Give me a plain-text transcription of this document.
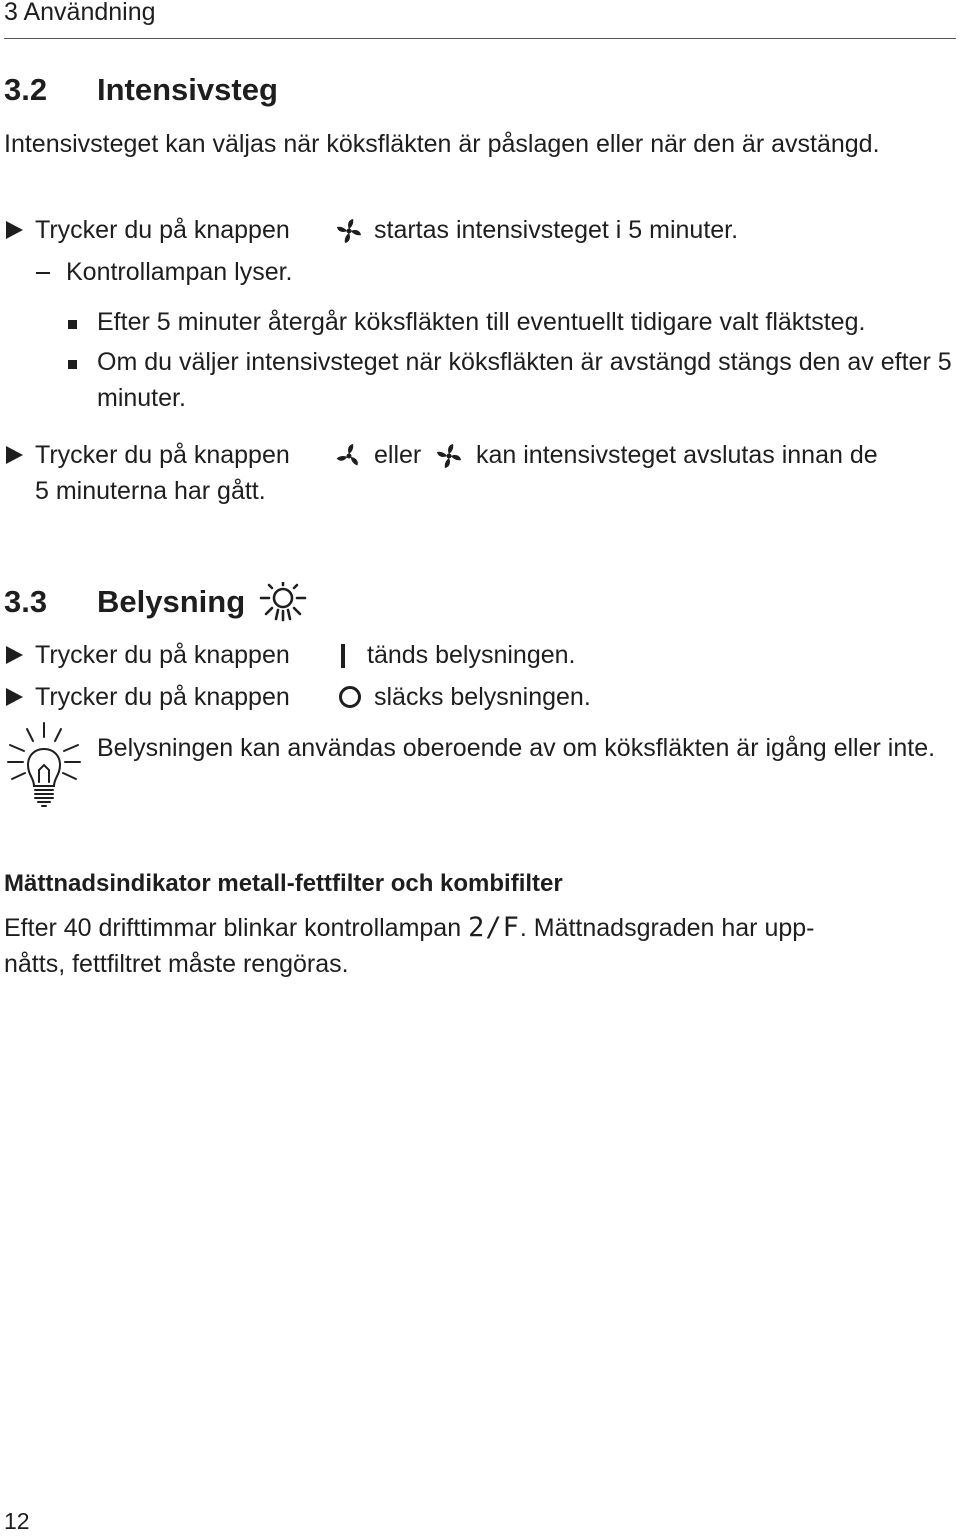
3 Användning
3.2 Intensivsteg
Intensivsteget kan väljas när köksfläkten är påslagen eller när den är avstängd.
Trycker du på knappen	startas intensivsteget i 5 minuter.
Kontrollampan lyser.
Efter 5 minuter återgår köksfläkten till eventuellt tidigare valt fläktsteg.
Om du väljer intensivsteget när köksfläkten är avstängd stängs den av efter 5 minuter.
Trycker du på knappen	eller kan intensivsteget avslutas innan de
5 minuterna har gått.
3.3 Belysning
Trycker du på knappen	tänds belysningen.
Trycker du på knappen	släcks belysningen.
Belysningen kan användas oberoende av om köksfläkten är igång eller inte.
Mättnadsindikator metall-fettfilter och kombifilter
Efter 40 drifttimmar blinkar kontrollampan 2/F. Mättnadsgraden har upp-
nåtts, fettfiltret måste rengöras.
12
